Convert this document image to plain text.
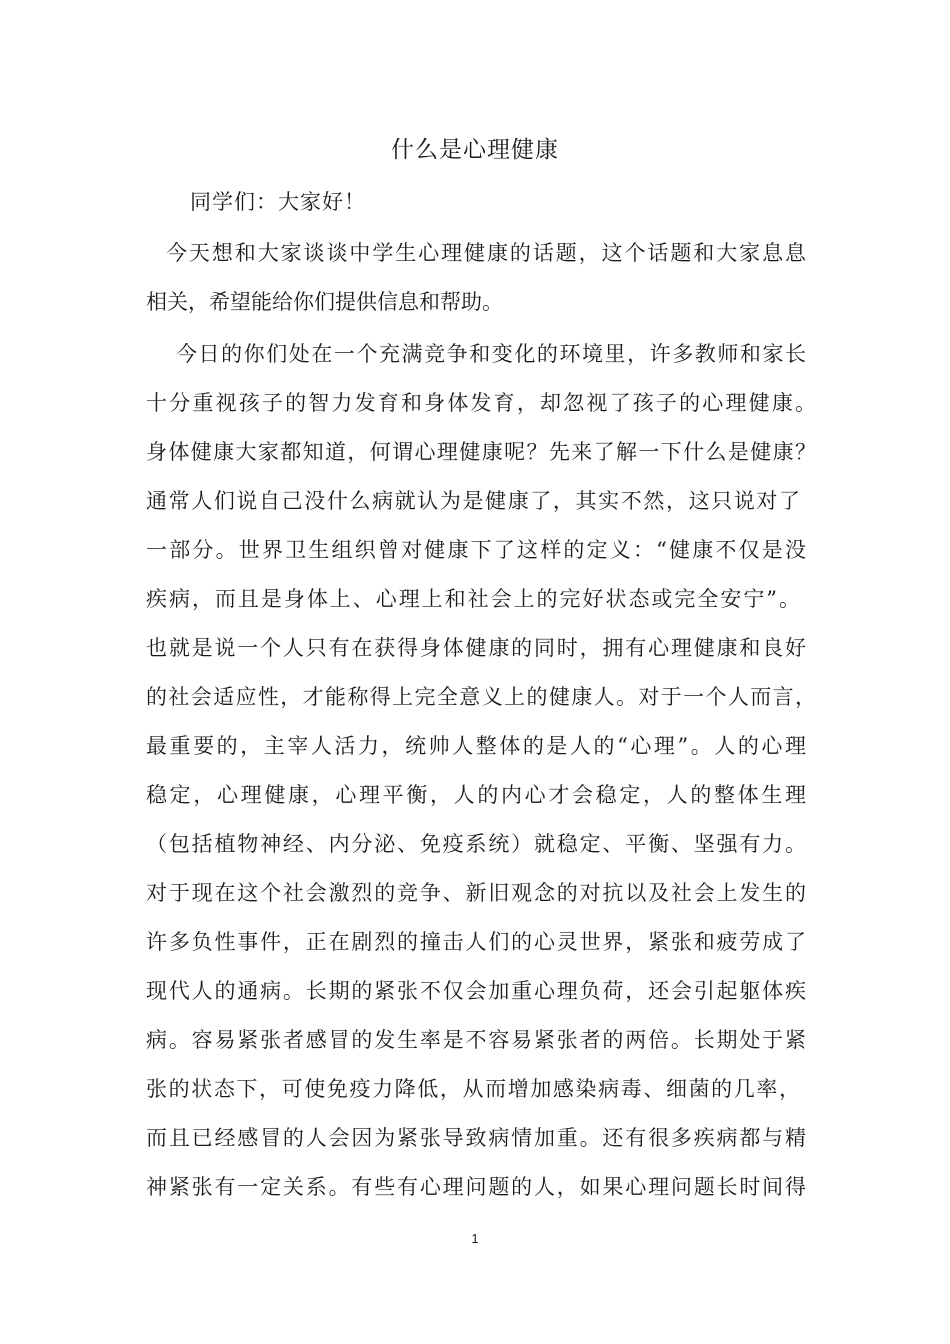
什么是心理健康
同学们：大家好！
今天想和大家谈谈中学生心理健康的话题，这个话题和大家息息
相关，希望能给你们提供信息和帮助。
今日的你们处在一个充满竞争和变化的环境里，许多教师和家长
十分重视孩子的智力发育和身体发育，却忽视了孩子的心理健康。
身体健康大家都知道，何谓心理健康呢？先来了解一下什么是健康？
通常人们说自己没什么病就认为是健康了，其实不然，这只说对了
一部分。世界卫生组织曾对健康下了这样的定义：“健康不仅是没
疾病，而且是身体上、心理上和社会上的完好状态或完全安宁”。
也就是说一个人只有在获得身体健康的同时，拥有心理健康和良好
的社会适应性，才能称得上完全意义上的健康人。对于一个人而言，
最重要的，主宰人活力，统帅人整体的是人的“心理”。人的心理
稳定，心理健康，心理平衡，人的内心才会稳定，人的整体生理
（包括植物神经、内分泌、免疫系统）就稳定、平衡、坚强有力。
对于现在这个社会激烈的竞争、新旧观念的对抗以及社会上发生的
许多负性事件，正在剧烈的撞击人们的心灵世界，紧张和疲劳成了
现代人的通病。长期的紧张不仅会加重心理负荷，还会引起躯体疾
病。容易紧张者感冒的发生率是不容易紧张者的两倍。长期处于紧
张的状态下，可使免疫力降低，从而增加感染病毒、细菌的几率，
而且已经感冒的人会因为紧张导致病情加重。还有很多疾病都与精
神紧张有一定关系。有些有心理问题的人，如果心理问题长时间得
1
